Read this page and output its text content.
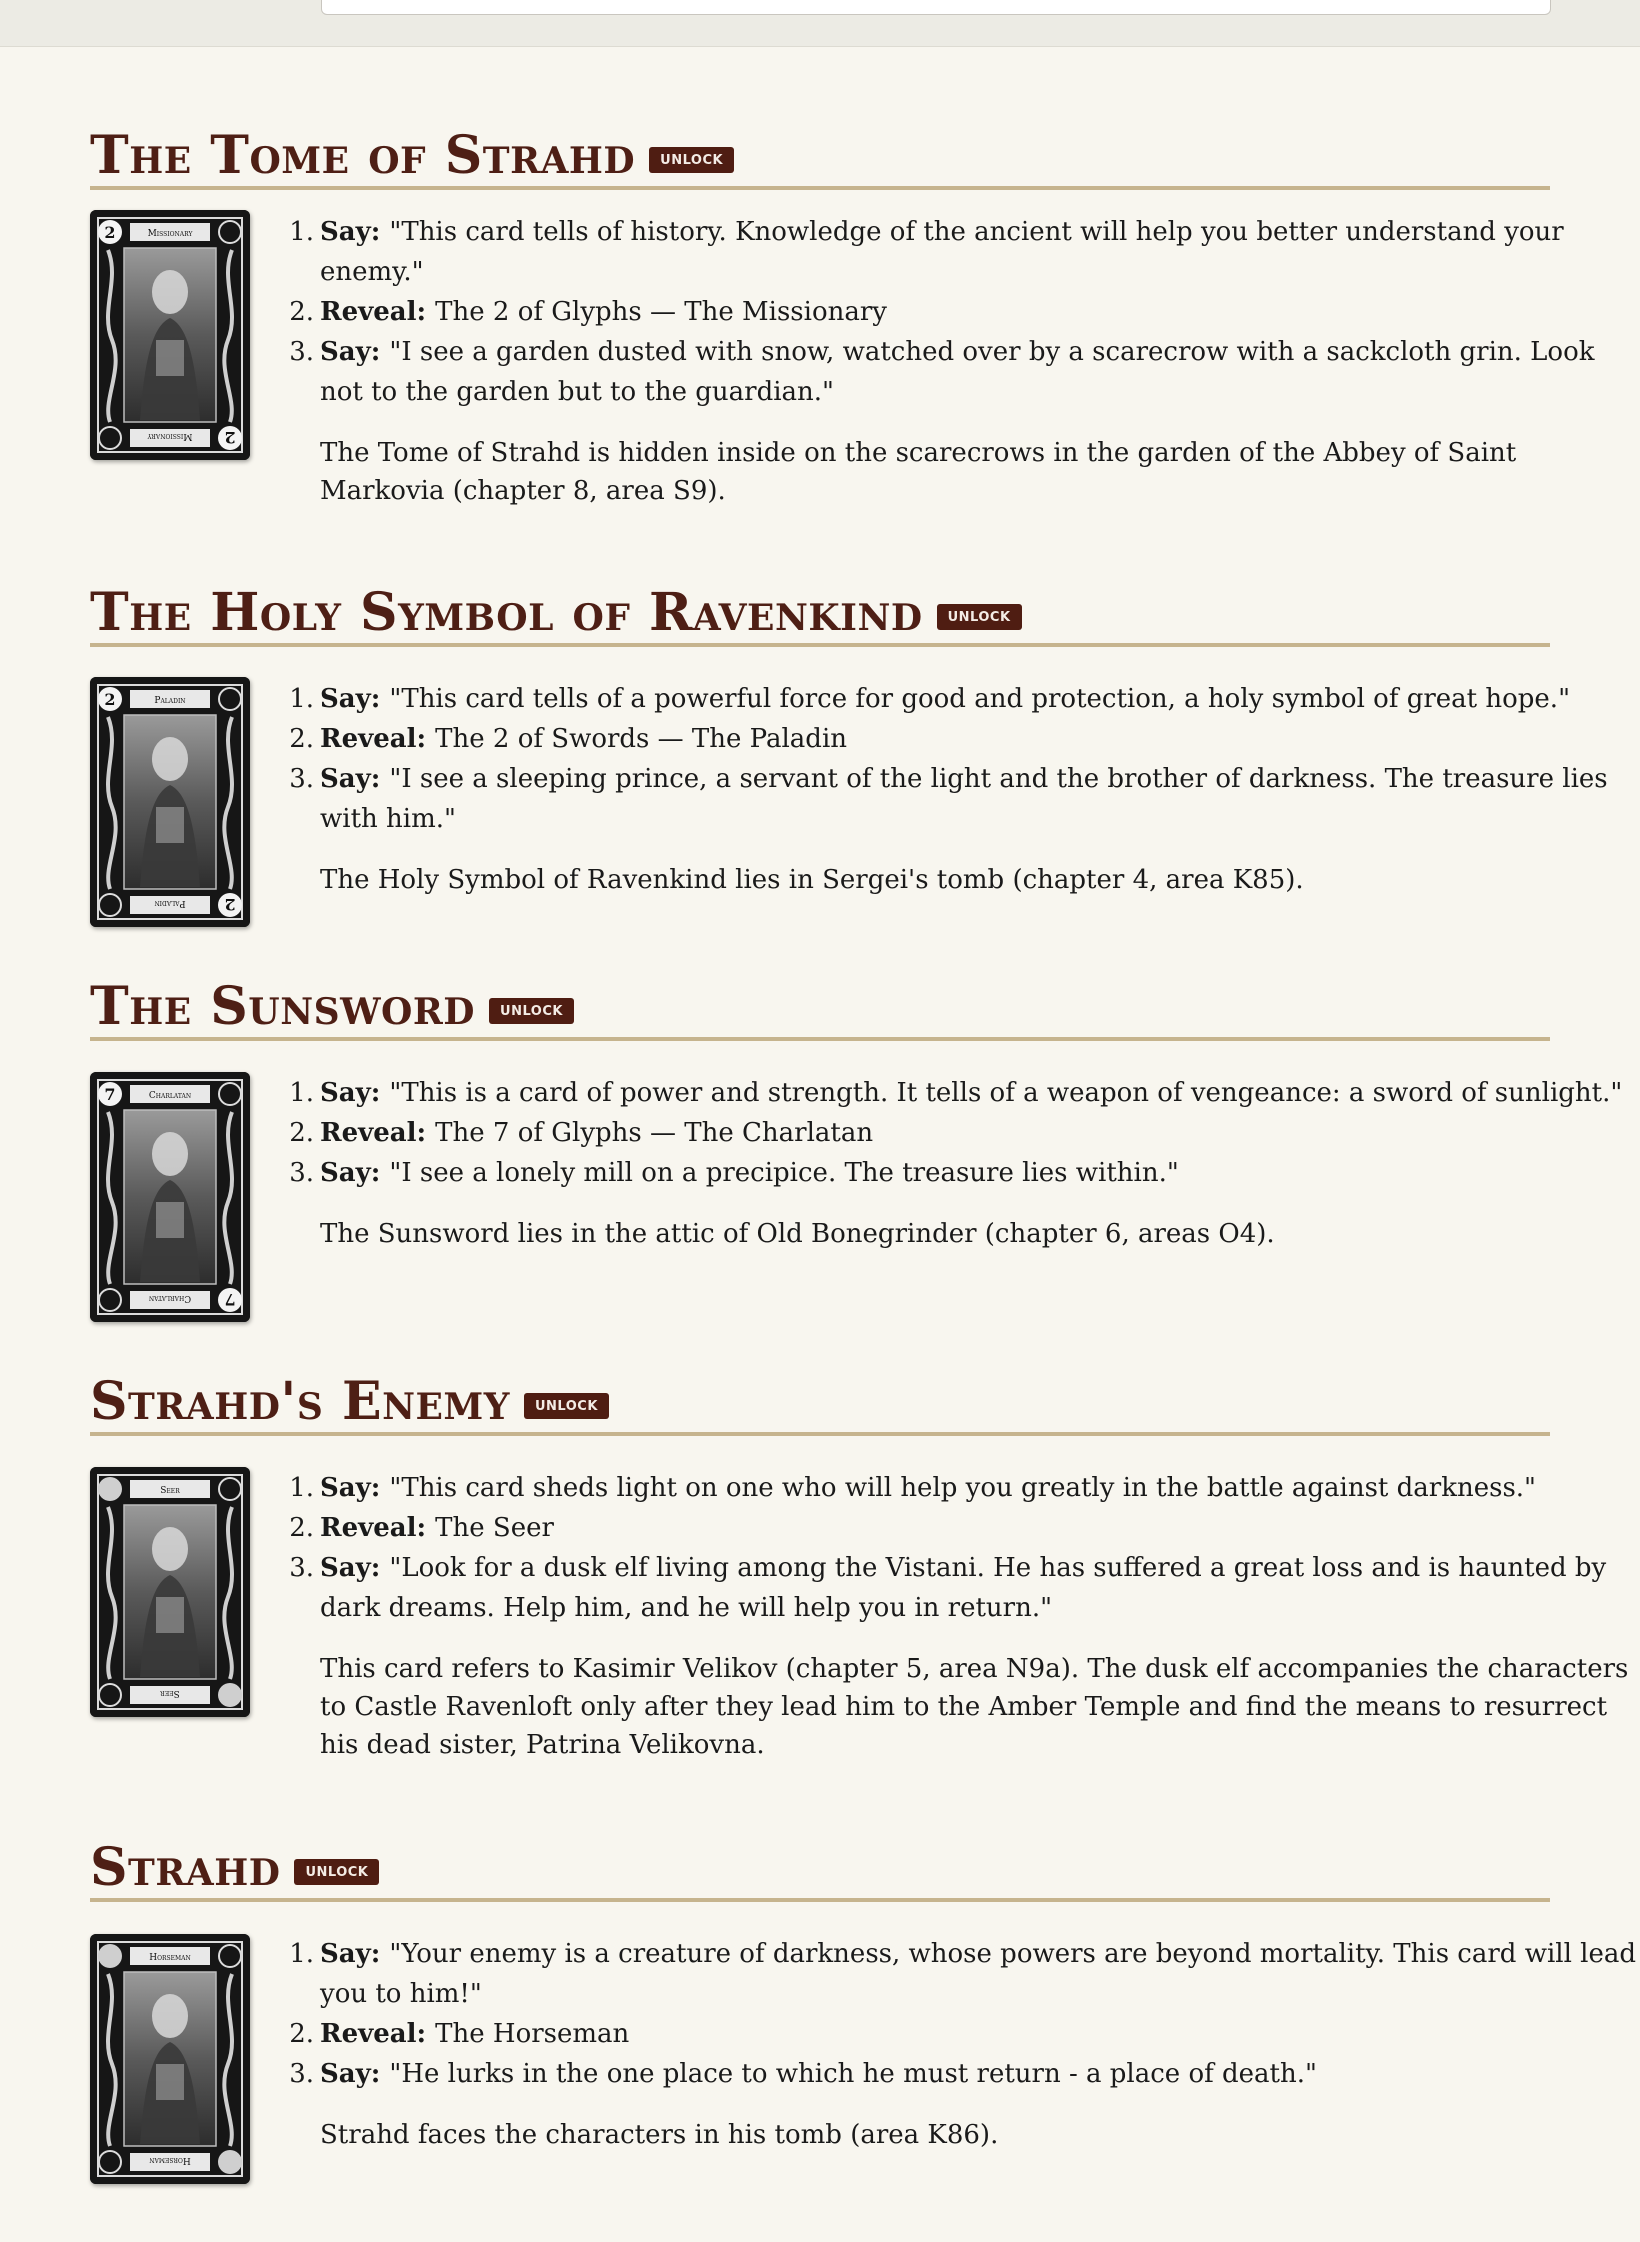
The Tome of Strahd UNLOCK
2
2
Missionary
Missionary
1. Say: "This card tells of history. Knowledge of the ancient will help you better understand your enemy."
2. Reveal: The 2 of Glyphs — The Missionary
3. Say: "I see a garden dusted with snow, watched over by a scarecrow with a sackcloth grin. Look not to the garden but to the guardian."

The Tome of Strahd is hidden inside on the scarecrows in the garden of the Abbey of Saint Markovia (chapter 8, area S9).

The Holy Symbol of Ravenkind UNLOCK
2
2
Paladin
Paladin
1. Say: "This card tells of a powerful force for good and protection, a holy symbol of great hope."
2. Reveal: The 2 of Swords — The Paladin
3. Say: "I see a sleeping prince, a servant of the light and the brother of darkness. The treasure lies with him."

The Holy Symbol of Ravenkind lies in Sergei's tomb (chapter 4, area K85).

The Sunsword UNLOCK
7
7
Charlatan
Charlatan
1. Say: "This is a card of power and strength. It tells of a weapon of vengeance: a sword of sunlight."
2. Reveal: The 7 of Glyphs — The Charlatan
3. Say: "I see a lonely mill on a precipice. The treasure lies within."

The Sunsword lies in the attic of Old Bonegrinder (chapter 6, areas O4).

Strahd's Enemy UNLOCK
Seer
Seer
1. Say: "This card sheds light on one who will help you greatly in the battle against darkness."
2. Reveal: The Seer
3. Say: "Look for a dusk elf living among the Vistani. He has suffered a great loss and is haunted by dark dreams. Help him, and he will help you in return."

This card refers to Kasimir Velikov (chapter 5, area N9a). The dusk elf accompanies the characters to Castle Ravenloft only after they lead him to the Amber Temple and find the means to resurrect his dead sister, Patrina Velikovna.

Strahd UNLOCK
Horseman
Horseman
1. Say: "Your enemy is a creature of darkness, whose powers are beyond mortality. This card will lead you to him!"
2. Reveal: The Horseman
3. Say: "He lurks in the one place to which he must return - a place of death."

Strahd faces the characters in his tomb (area K86).
